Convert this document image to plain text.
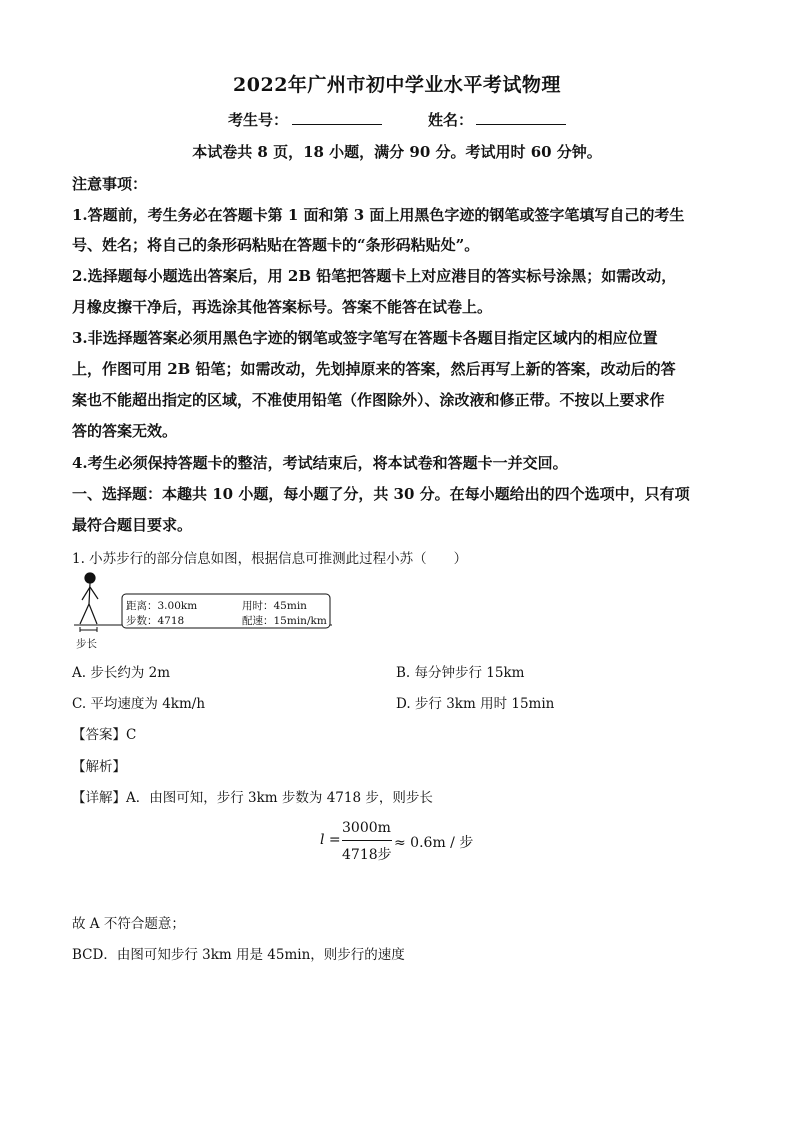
2022年广州市初中学业水平考试物理
考生号：	姓名：
本试卷共 8 页，18 小题，满分 90 分。考试用时 60 分钟。
注意事项：
1.答题前，考生务必在答题卡第 1 面和第 3 面上用黑色字迹的钢笔或签字笔填写自己的考生
号、姓名；将自己的条形码粘贴在答题卡的“条形码粘贴处”。
2.选择题每小题选出答案后，用 2B 铅笔把答题卡上对应港目的答实标号涂黑；如需改动，
月橡皮擦干净后，再选涂其他答案标号。答案不能答在试卷上。
3.非选择题答案必须用黑色字迹的钢笔或签字笔写在答题卡各题目指定区域内的相应位置
上，作图可用 2B 铅笔；如需改动，先划掉原来的答案，然后再写上新的答案，改动后的答
案也不能超出指定的区域，不准使用铅笔（作图除外）、涂改液和修正带。不按以上要求作
答的答案无效。
4.考生必须保持答题卡的整洁，考试结束后，将本试卷和答题卡一并交回。
一、选择题：本趣共 10 小题，每小题了分，共 30 分。在每小题给出的四个选项中，只有项
最符合题目要求。
1. 小苏步行的部分信息如图，根据信息可推测此过程小苏（　　）
距离：3.00km
步数：4718
用时：45min
配速：15min/km
步长
A. 步长约为 2m	B. 每分钟步行 15km
C. 平均速度为 4km/h	D. 步行 3km 用时 15min
【答案】C
【解析】
【详解】A．由图可知，步行 3km 步数为 4718 步，则步长
l =
3000m
4718步
≈ 0.6m / 步
故 A 不符合题意；
BCD．由图可知步行 3km 用是 45min，则步行的速度
